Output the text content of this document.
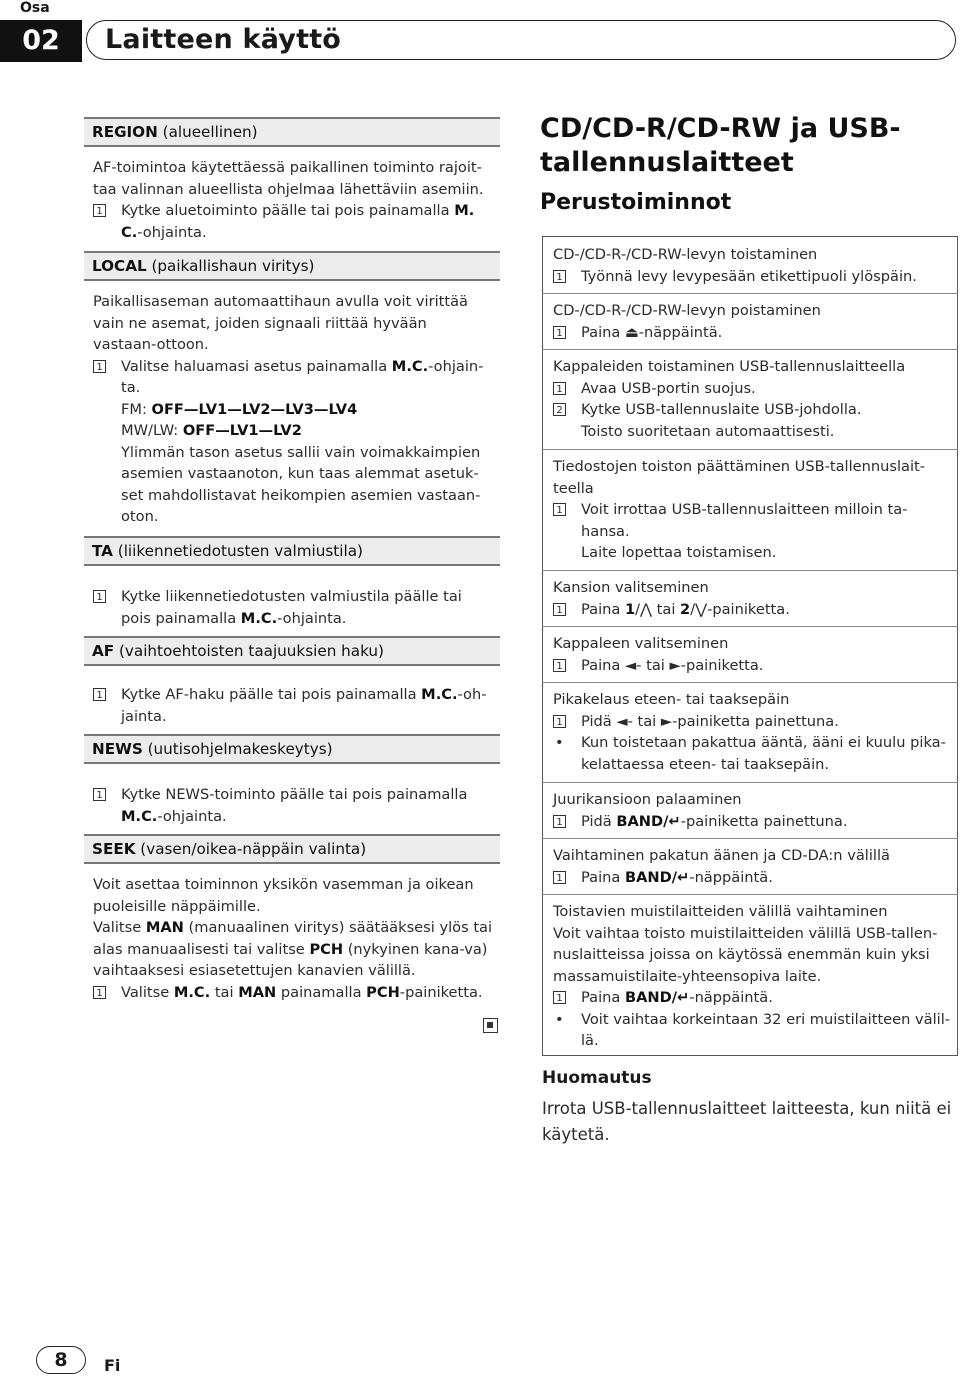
Osa
02	Laitteen käyttö
REGION (alueellinen)
AF-toimintoa käytettäessä paikallinen toiminto rajoit-taa valinnan alueellista ohjelmaa lähettäviin asemiin.
1 Kytke aluetoiminto päälle tai pois painamalla M.
C.-ohjainta.
LOCAL (paikallishaun viritys)
Paikallisaseman automaattihaun avulla voit virittää vain ne asemat, joiden signaali riittää hyvään vastaan-ottoon.
1 Valitse haluamasi asetus painamalla M.C.-ohjain-ta.
FM: OFF—LV1—LV2—LV3—LV4
MW/LW: OFF—LV1—LV2
Ylimmän tason asetus sallii vain voimakkaimpien asemien vastaanoton, kun taas alemmat asetuk-set mahdollistavat heikompien asemien vastaan-oton.
TA (liikennetiedotusten valmiustila)
1 Kytke liikennetiedotusten valmiustila päälle tai pois painamalla M.C.-ohjainta.
AF (vaihtoehtoisten taajuuksien haku)
1 Kytke AF-haku päälle tai pois painamalla M.C.-oh-jainta.
NEWS (uutisohjelmakeskeytys)
1 Kytke NEWS-toiminto päälle tai pois painamalla M.C.-ohjainta.
SEEK (vasen/oikea-näppäin valinta)
Voit asettaa toiminnon yksikön vasemman ja oikean puoleisille näppäimille.
Valitse MAN (manuaalinen viritys) säätääksesi ylös tai alas manuaalisesti tai valitse PCH (nykyinen kana-va) vaihtaaksesi esiasetettujen kanavien välillä.
1 Valitse M.C. tai MAN painamalla PCH-painiketta.
CD/CD-R/CD-RW ja USB-tallennuslaitteet
Perustoiminnot
CD-/CD-R-/CD-RW-levyn toistaminen
1 Työnnä levy levypesään etikettipuoli ylöspäin.
CD-/CD-R-/CD-RW-levyn poistaminen
1 Paina ⏏-näppäintä.
Kappaleiden toistaminen USB-tallennuslaitteella
1 Avaa USB-portin suojus.
2 Kytke USB-tallennuslaite USB-johdolla.
Toisto suoritetaan automaattisesti.
Tiedostojen toiston päättäminen USB-tallennuslait-teella
1 Voit irrottaa USB-tallennuslaitteen milloin ta-hansa.
Laite lopettaa toistamisen.
Kansion valitseminen
1 Paina 1/⋀ tai 2/⋁-painiketta.
Kappaleen valitseminen
1 Paina ◄- tai ►-painiketta.
Pikakelaus eteen- tai taaksepäin
1 Pidä ◄- tai ►-painiketta painettuna.
• Kun toistetaan pakattua ääntä, ääni ei kuulu pika-kelattaessa eteen- tai taaksepäin.
Juurikansioon palaaminen
1 Pidä BAND/↵-painiketta painettuna.
Vaihtaminen pakatun äänen ja CD-DA:n välillä
1 Paina BAND/↵-näppäintä.
Toistavien muistilaitteiden välillä vaihtaminen
Voit vaihtaa toisto muistilaitteiden välillä USB-tallen-nuslaitteissa joissa on käytössä enemmän kuin yksi massamuistilaite-yhteensopiva laite.
1 Paina BAND/↵-näppäintä.
• Voit vaihtaa korkeintaan 32 eri muistilaitteen välil-lä.
Huomautus
Irrota USB-tallennuslaitteet laitteesta, kun niitä ei käytetä.
8	Fi
